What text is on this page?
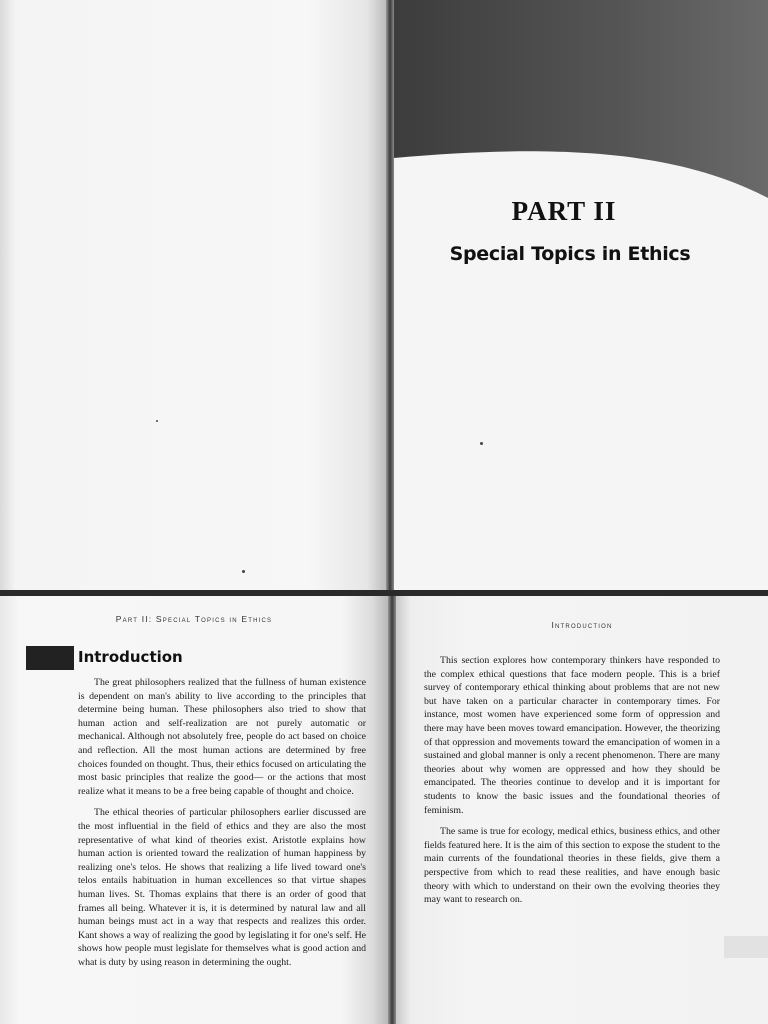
PART II
Special Topics in Ethics

Part II: Special Topics in Ethics

Introduction

The great philosophers realized that the fullness of human existence is dependent on man's ability to live according to the principles that determine being human. These philosophers also tried to show that human action and self-realization are not purely automatic or mechanical. Although not absolutely free, people do act based on choice and reflection. All the most human actions are determined by free choices founded on thought. Thus, their ethics focused on articulating the most basic principles that realize the good— or the actions that most realize what it means to be a free being capable of thought and choice.

The ethical theories of particular philosophers earlier discussed are the most influential in the field of ethics and they are also the most representative of what kind of theories exist. Aristotle explains how human action is oriented toward the realization of human happiness by realizing one's telos. He shows that realizing a life lived toward one's telos entails habituation in human excellences so that virtue shapes human lives. St. Thomas explains that there is an order of good that frames all being. Whatever it is, it is determined by natural law and all human beings must act in a way that respects and realizes this order. Kant shows a way of realizing the good by legislating it for one's self. He shows how people must legislate for themselves what is good action and what is duty by using reason in determining the ought.

Introduction

This section explores how contemporary thinkers have responded to the complex ethical questions that face modern people. This is a brief survey of contemporary ethical thinking about problems that are not new but have taken on a particular character in contemporary times. For instance, most women have experienced some form of oppression and there may have been moves toward emancipation. However, the theorizing of that oppression and movements toward the emancipation of women in a sustained and global manner is only a recent phenomenon. There are many theories about why women are oppressed and how they should be emancipated. The theories continue to develop and it is important for students to know the basic issues and the foundational theories of feminism.

The same is true for ecology, medical ethics, business ethics, and other fields featured here. It is the aim of this section to expose the student to the main currents of the foundational theories in these fields, give them a perspective from which to read these realities, and have enough basic theory with which to understand on their own the evolving theories they may want to research on.
